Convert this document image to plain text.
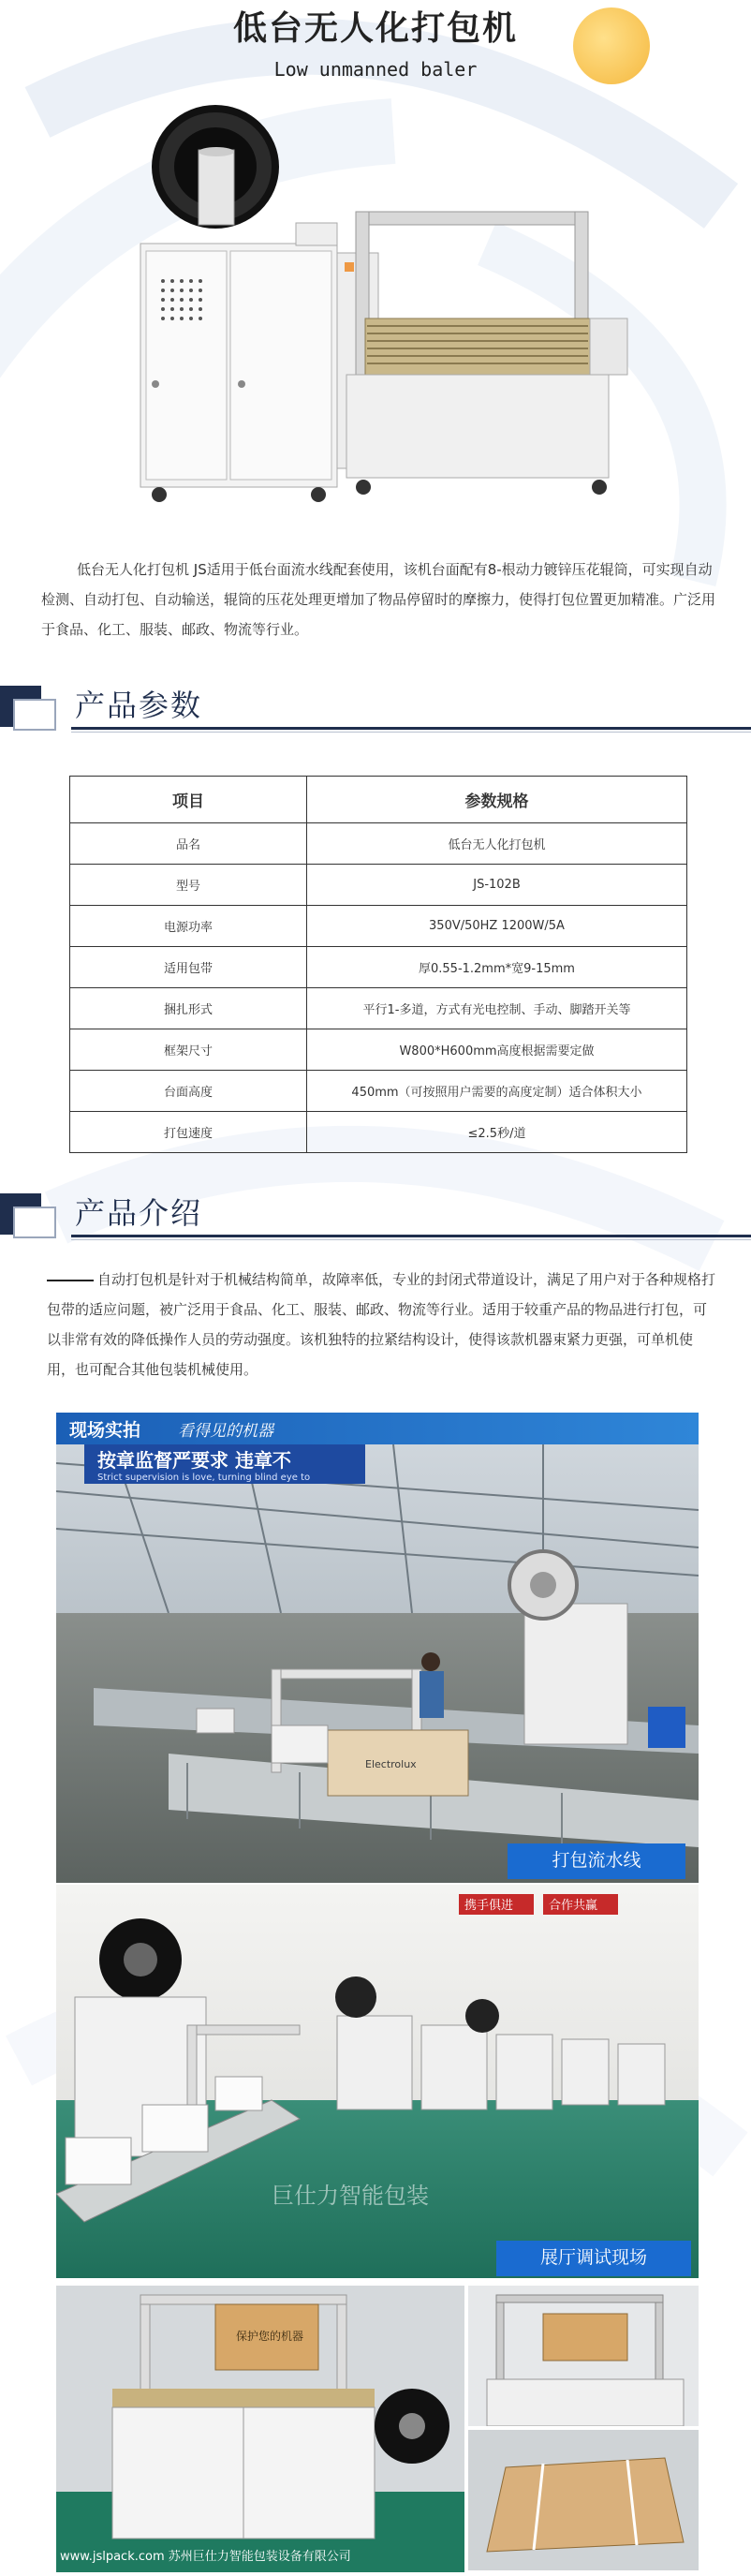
低台无人化打包机
Low unmanned baler
低台无人化打包机 JS适用于低台面流水线配套使用，该机台面配有8-根动力镀锌压花辊筒，可实现自动检测、自动打包、自动输送，辊筒的压花处理更增加了物品停留时的摩擦力，使得打包位置更加精准。广泛用于食品、化工、服装、邮政、物流等行业。
产品参数
项目	参数规格
品名	低台无人化打包机
型号	JS-102B
电源功率	350V/50HZ 1200W/5A
适用包带	厚0.55-1.2mm*宽9-15mm
捆扎形式	平行1-多道，方式有光电控制、手动、脚踏开关等
框架尺寸	W800*H600mm高度根据需要定做
台面高度	450mm（可按照用户需要的高度定制）适合体积大小
打包速度	≤2.5秒/道
产品介绍
自动打包机是针对于机械结构简单，故障率低，专业的封闭式带道设计，满足了用户对于各种规格打包带的适应问题，被广泛用于食品、化工、服装、邮政、物流等行业。适用于较重产品的物品进行打包，可以非常有效的降低操作人员的劳动强度。该机独特的拉紧结构设计，使得该款机器束紧力更强，可单机使用，也可配合其他包装机械使用。
现场实拍 看得见的机器
按章监督严要求 违章不
Strict supervision is love, turning blind eye to
Electrolux
打包流水线
携手俱进	合作共赢
巨仕力智能包装
展厅调试现场
保护您的机器
www.jslpack.com 苏州巨仕力智能包装设备有限公司
